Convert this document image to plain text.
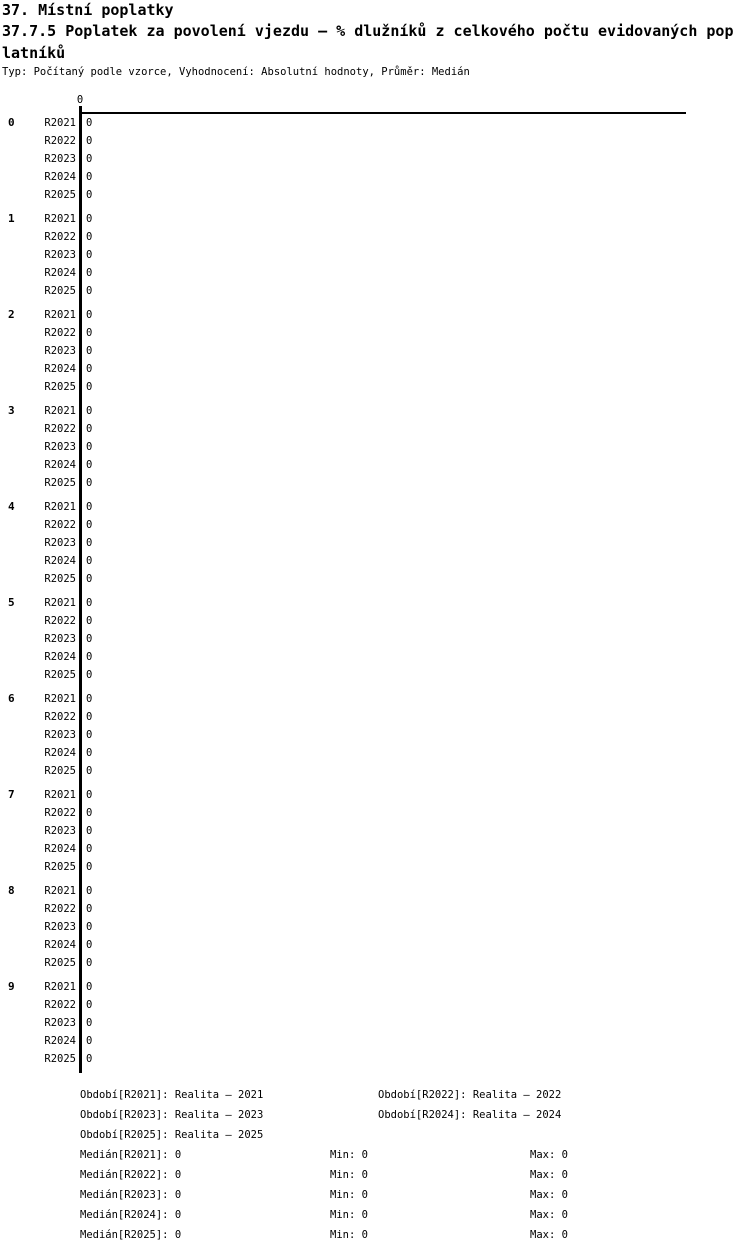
37. Místní poplatky
37.7.5 Poplatek za povolení vjezdu – % dlužníků z celkového počtu evidovaných pop
latníků
Typ: Počítaný podle vzorce, Vyhodnocení: Absolutní hodnoty, Průměr: Medián
0
0	R2021 0
R2022 0
R2023 0
R2024 0
R2025 0
1	R2021 0
R2022 0
R2023 0
R2024 0
R2025 0
2	R2021 0
R2022 0
R2023 0
R2024 0
R2025 0
3	R2021 0
R2022 0
R2023 0
R2024 0
R2025 0
4	R2021 0
R2022 0
R2023 0
R2024 0
R2025 0
5	R2021 0
R2022 0
R2023 0
R2024 0
R2025 0
6	R2021 0
R2022 0
R2023 0
R2024 0
R2025 0
7	R2021 0
R2022 0
R2023 0
R2024 0
R2025 0
8	R2021 0
R2022 0
R2023 0
R2024 0
R2025 0
9	R2021 0
R2022 0
R2023 0
R2024 0
R2025 0
Období[R2021]: Realita – 2021	Období[R2022]: Realita – 2022
Období[R2023]: Realita – 2023	Období[R2024]: Realita – 2024
Období[R2025]: Realita – 2025
Medián[R2021]: 0	Min: 0	Max: 0
Medián[R2022]: 0	Min: 0	Max: 0
Medián[R2023]: 0	Min: 0	Max: 0
Medián[R2024]: 0	Min: 0	Max: 0
Medián[R2025]: 0	Min: 0	Max: 0
